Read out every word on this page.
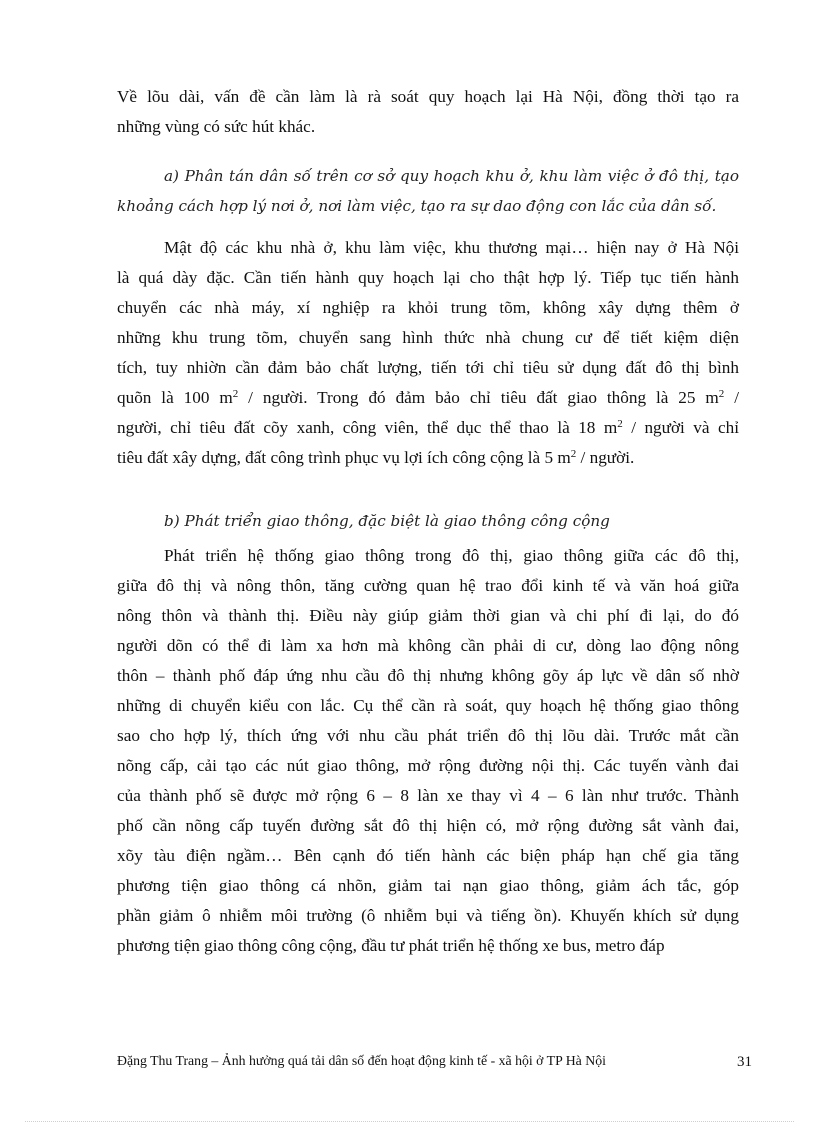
Về lõu dài, vấn đề cần làm là rà soát quy hoạch lại Hà Nội, đồng thời tạo ra
những vùng có sức hút khác.
a) Phân tán dân số trên cơ sở quy hoạch khu ở, khu làm việc ở đô thị, tạo
khoảng cách hợp lý nơi ở, nơi làm việc, tạo ra sự dao động con lắc của dân số.
Mật độ các khu nhà ở, khu làm việc, khu thương mại… hiện nay ở Hà Nội
là quá dày đặc. Cần tiến hành quy hoạch lại cho thật hợp lý. Tiếp tục tiến hành
chuyển các nhà máy, xí nghiệp ra khỏi trung tõm, không xây dựng thêm ở
những khu trung tõm, chuyển sang hình thức nhà chung cư để tiết kiệm diện
tích, tuy nhiờn cần đảm bảo chất lượng, tiến tới chỉ tiêu sử dụng đất đô thị bình
quõn là 100 $m^2$ / người. Trong đó đảm bảo chỉ tiêu đất giao thông là 25 $m^2$ /
người, chỉ tiêu đất cõy xanh, công viên, thể dục thể thao là 18 $m^2$ / người và chỉ
tiêu đất xây dựng, đất công trình phục vụ lợi ích công cộng là 5 $m^2$ / người.
b) Phát triển giao thông, đặc biệt là giao thông công cộng
Phát triển hệ thống giao thông trong đô thị, giao thông giữa các đô thị,
giữa đô thị và nông thôn, tăng cường quan hệ trao đổi kinh tế và văn hoá giữa
nông thôn và thành thị. Điều này giúp giảm thời gian và chi phí đi lại, do đó
người dõn có thể đi làm xa hơn mà không cần phải di cư, dòng lao động nông
thôn – thành phố đáp ứng nhu cầu đô thị nhưng không gõy áp lực về dân số nhờ
những di chuyển kiểu con lắc. Cụ thể cần rà soát, quy hoạch hệ thống giao thông
sao cho hợp lý, thích ứng với nhu cầu phát triển đô thị lõu dài. Trước mắt cần
nõng cấp, cải tạo các nút giao thông, mở rộng đường nội thị. Các tuyến vành đai
của thành phố sẽ được mở rộng 6 – 8 làn xe thay vì 4 – 6 làn như trước. Thành
phố cần nõng cấp tuyến đường sắt đô thị hiện có, mở rộng đường sắt vành đai,
xõy tàu điện ngầm… Bên cạnh đó tiến hành các biện pháp hạn chế gia tăng
phương tiện giao thông cá nhõn, giảm tai nạn giao thông, giảm ách tắc, góp
phần giảm ô nhiễm môi trường (ô nhiễm bụi và tiếng ồn). Khuyến khích sử dụng
phương tiện giao thông công cộng, đầu tư phát triển hệ thống xe bus, metro đáp
Đặng Thu Trang – Ảnh hưởng quá tải dân số đến hoạt động kinh tế - xã hội ở TP Hà Nội	31
